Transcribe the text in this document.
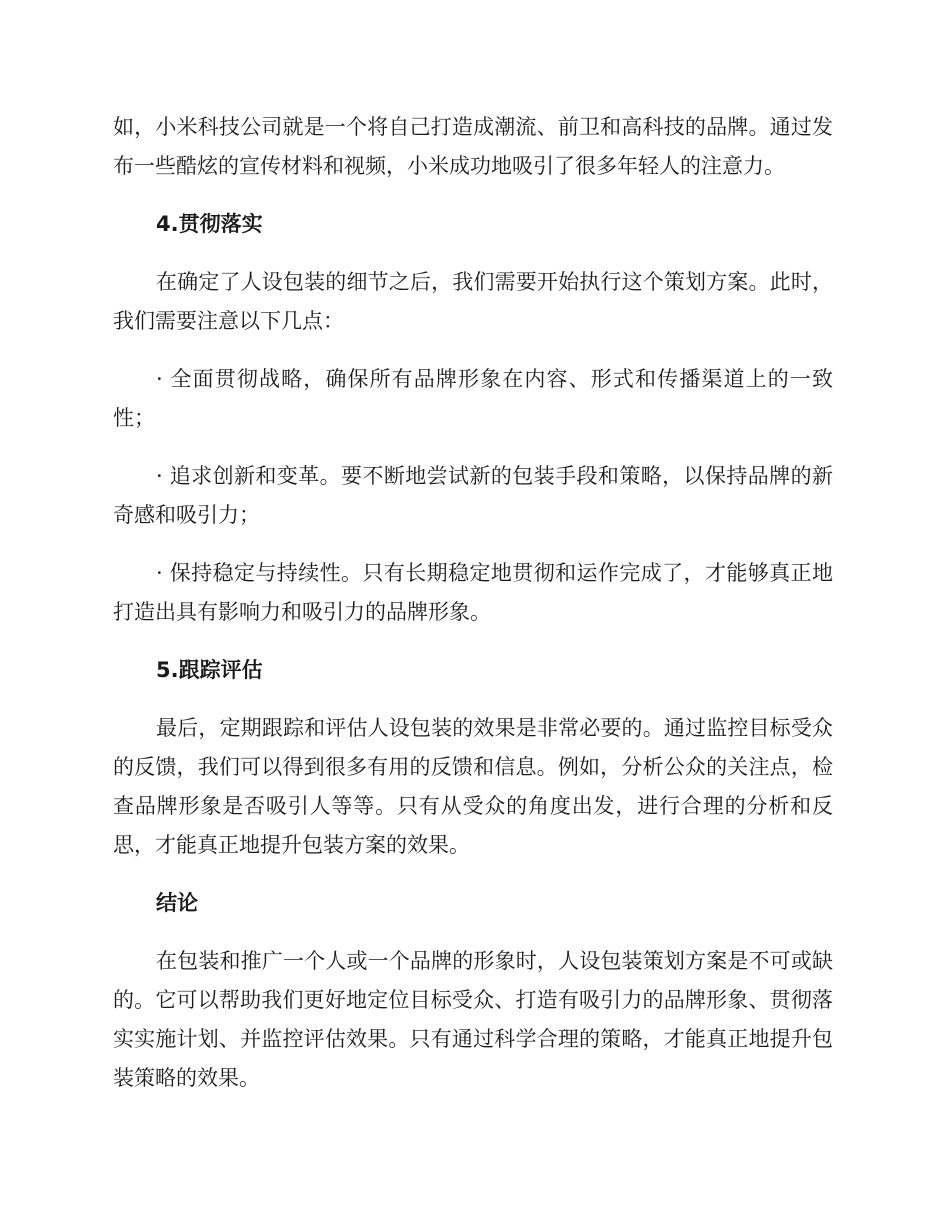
如，小米科技公司就是一个将自己打造成潮流、前卫和高科技的品牌。通过发布一些酷炫的宣传材料和视频，小米成功地吸引了很多年轻人的注意力。

4.贯彻落实

在确定了人设包装的细节之后，我们需要开始执行这个策划方案。此时，我们需要注意以下几点：

· 全面贯彻战略，确保所有品牌形象在内容、形式和传播渠道上的一致性；

· 追求创新和变革。要不断地尝试新的包装手段和策略，以保持品牌的新奇感和吸引力；

· 保持稳定与持续性。只有长期稳定地贯彻和运作完成了，才能够真正地打造出具有影响力和吸引力的品牌形象。

5.跟踪评估

最后，定期跟踪和评估人设包装的效果是非常必要的。通过监控目标受众的反馈，我们可以得到很多有用的反馈和信息。例如，分析公众的关注点，检查品牌形象是否吸引人等等。只有从受众的角度出发，进行合理的分析和反思，才能真正地提升包装方案的效果。

结论

在包装和推广一个人或一个品牌的形象时，人设包装策划方案是不可或缺的。它可以帮助我们更好地定位目标受众、打造有吸引力的品牌形象、贯彻落实实施计划、并监控评估效果。只有通过科学合理的策略，才能真正地提升包装策略的效果。
